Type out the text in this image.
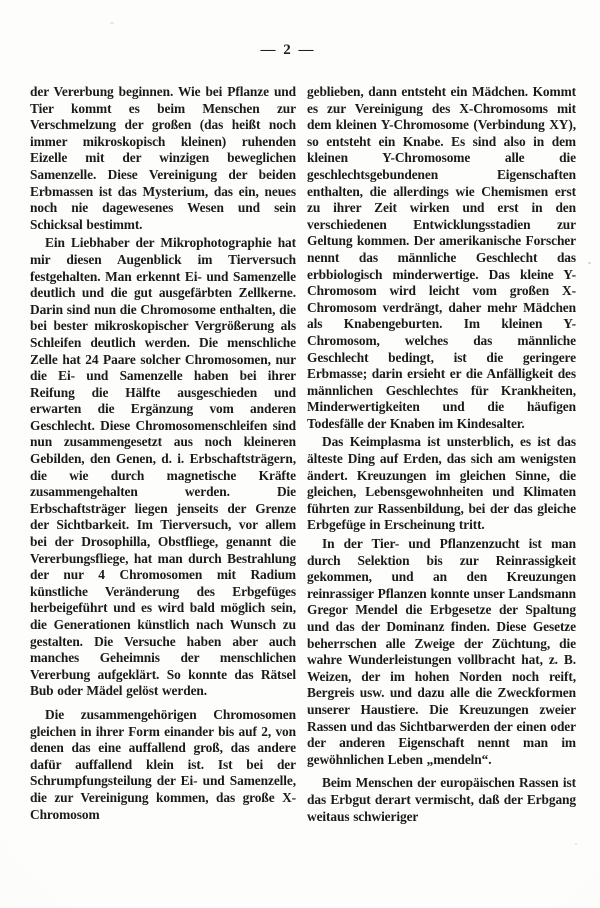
— 2 —

der Vererbung beginnen. Wie bei Pflanze und Tier kommt es beim Menschen zur Verschmelzung der großen (das heißt noch immer mikroskopisch kleinen) ruhenden Eizelle mit der winzigen beweglichen Samenzelle. Diese Vereinigung der beiden Erbmassen ist das Mysterium, das ein, neues noch nie dagewesenes Wesen und sein Schicksal bestimmt.

Ein Liebhaber der Mikrophotographie hat mir diesen Augenblick im Tierversuch festgehalten. Man erkennt Ei- und Samenzelle deutlich und die gut ausgefärbten Zellkerne. Darin sind nun die Chromosome enthalten, die bei bester mikroskopischer Vergrößerung als Schleifen deutlich werden. Die menschliche Zelle hat 24 Paare solcher Chromosomen, nur die Ei- und Samenzelle haben bei ihrer Reifung die Hälfte ausgeschieden und erwarten die Ergänzung vom anderen Geschlecht. Diese Chromosomenschleifen sind nun zusammengesetzt aus noch kleineren Gebilden, den Genen, d. i. Erbschaftsträgern, die wie durch magnetische Kräfte zusammengehalten werden. Die Erbschaftsträger liegen jenseits der Grenze der Sichtbarkeit. Im Tierversuch, vor allem bei der Drosophilla, Obstfliege, genannt die Vererbungsfliege, hat man durch Bestrahlung der nur 4 Chromosomen mit Radium künstliche Veränderung des Erbgefüges herbeigeführt und es wird bald möglich sein, die Generationen künstlich nach Wunsch zu gestalten. Die Versuche haben aber auch manches Geheimnis der menschlichen Vererbung aufgeklärt. So konnte das Rätsel Bub oder Mädel gelöst werden.

Die zusammengehörigen Chromosomen gleichen in ihrer Form einander bis auf 2, von denen das eine auffallend groß, das andere dafür auffallend klein ist. Ist bei der Schrumpfungsteilung der Ei- und Samenzelle, die zur Vereinigung kommen, das große X-Chromosom

geblieben, dann entsteht ein Mädchen. Kommt es zur Vereinigung des X-Chromosoms mit dem kleinen Y-Chromosome (Verbindung XY), so entsteht ein Knabe. Es sind also in dem kleinen Y-Chromosome alle die geschlechtsgebundenen Eigenschaften enthalten, die allerdings wie Chemismen erst zu ihrer Zeit wirken und erst in den verschiedenen Entwicklungsstadien zur Geltung kommen. Der amerikanische Forscher nennt das männliche Geschlecht das erbbiologisch minderwertige. Das kleine Y-Chromosom wird leicht vom großen X-Chromosom verdrängt, daher mehr Mädchen als Knabengeburten. Im kleinen Y-Chromosom, welches das männliche Geschlecht bedingt, ist die geringere Erbmasse; darin ersieht er die Anfälligkeit des männlichen Geschlechtes für Krankheiten, Minderwertigkeiten und die häufigen Todesfälle der Knaben im Kindesalter.

Das Keimplasma ist unsterblich, es ist das älteste Ding auf Erden, das sich am wenigsten ändert. Kreuzungen im gleichen Sinne, die gleichen, Lebensgewohnheiten und Klimaten führten zur Rassenbildung, bei der das gleiche Erbgefüge in Erscheinung tritt.

In der Tier- und Pflanzenzucht ist man durch Selektion bis zur Reinrassigkeit gekommen, und an den Kreuzungen reinrassiger Pflanzen konnte unser Landsmann Gregor Mendel die Erbgesetze der Spaltung und das der Dominanz finden. Diese Gesetze beherrschen alle Zweige der Züchtung, die wahre Wunderleistungen vollbracht hat, z. B. Weizen, der im hohen Norden noch reift, Bergreis usw. und dazu alle die Zweckformen unserer Haustiere. Die Kreuzungen zweier Rassen und das Sichtbarwerden der einen oder der anderen Eigenschaft nennt man im gewöhnlichen Leben „mendeln“.

Beim Menschen der europäischen Rassen ist das Erbgut derart vermischt, daß der Erbgang weitaus schwieriger
